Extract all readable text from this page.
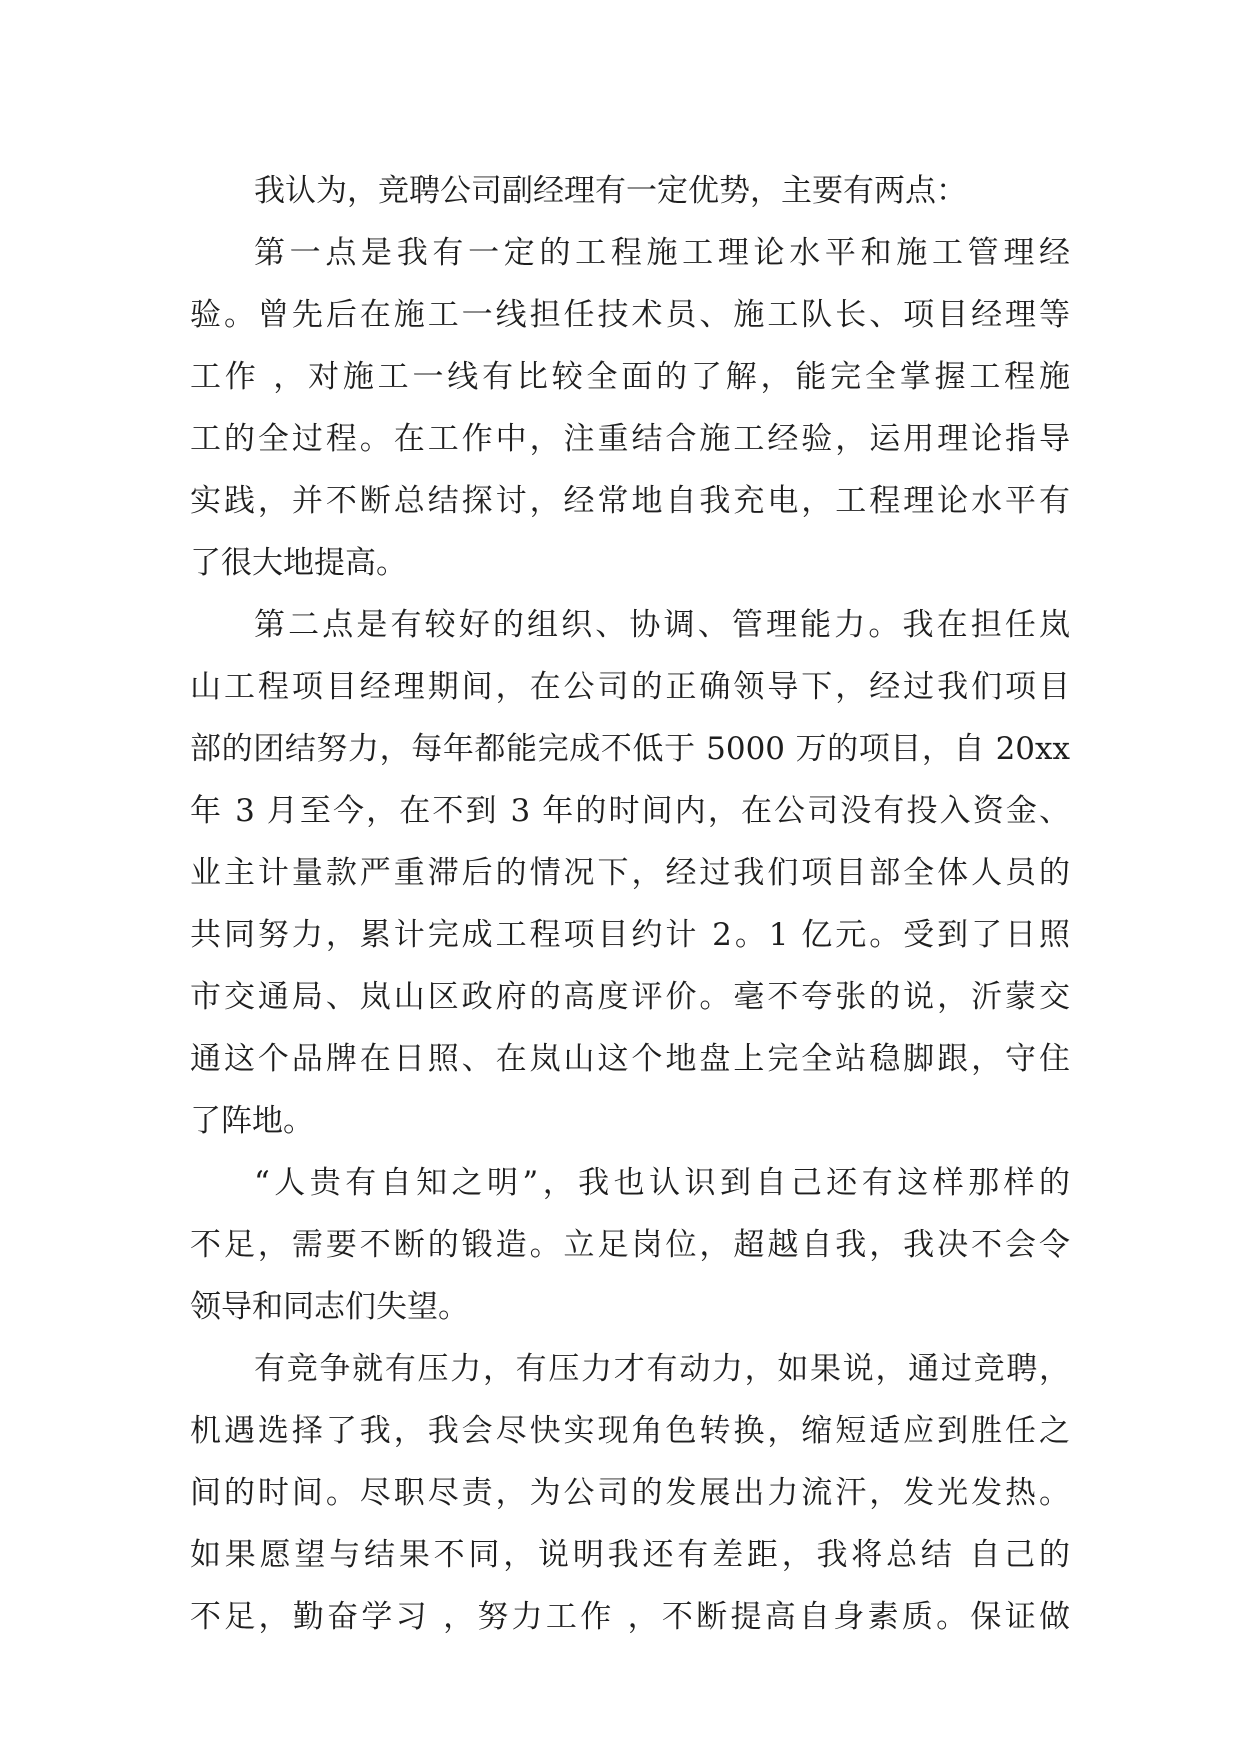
我认为，竞聘公司副经理有一定优势，主要有两点：
第一点是我有一定的工程施工理论水平和施工管理经
验。曾先后在施工一线担任技术员、施工队长、项目经理等
工作 ，对施工一线有比较全面的了解，能完全掌握工程施
工的全过程。在工作中，注重结合施工经验，运用理论指导
实践，并不断总结探讨，经常地自我充电，工程理论水平有
了很大地提高。
第二点是有较好的组织、协调、管理能力。我在担任岚
山工程项目经理期间，在公司的正确领导下，经过我们项目
部的团结努力，每年都能完成不低于 5000 万的项目，自 20xx
年 3 月至今，在不到 3 年的时间内，在公司没有投入资金、
业主计量款严重滞后的情况下，经过我们项目部全体人员的
共同努力，累计完成工程项目约计 2。1 亿元。受到了日照
市交通局、岚山区政府的高度评价。毫不夸张的说，沂蒙交
通这个品牌在日照、在岚山这个地盘上完全站稳脚跟，守住
了阵地。
“人贵有自知之明”，我也认识到自己还有这样那样的
不足，需要不断的锻造。立足岗位，超越自我，我决不会令
领导和同志们失望。
有竞争就有压力，有压力才有动力，如果说，通过竞聘，
机遇选择了我，我会尽快实现角色转换，缩短适应到胜任之
间的时间。尽职尽责，为公司的发展出力流汗，发光发热。
如果愿望与结果不同，说明我还有差距，我将总结 自己的
不足，勤奋学习 ，努力工作 ，不断提高自身素质。保证做
